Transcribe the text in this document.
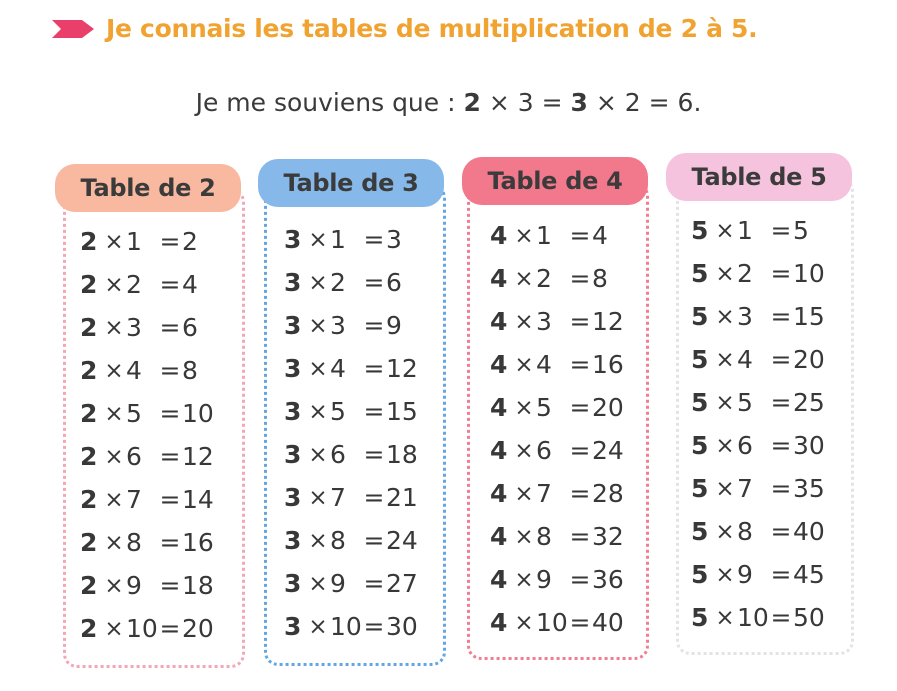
Je connais les tables de multiplication de 2 à 5.
Je me souviens que : 2 × 3 = 3 × 2 = 6.
Table de 2
2 × 1 = 2
2 × 2 = 4
2 × 3 = 6
2 × 4 = 8
2 × 5 = 10
2 × 6 = 12
2 × 7 = 14
2 × 8 = 16
2 × 9 = 18
2 × 10 = 20
Table de 3
3 × 1 = 3
3 × 2 = 6
3 × 3 = 9
3 × 4 = 12
3 × 5 = 15
3 × 6 = 18
3 × 7 = 21
3 × 8 = 24
3 × 9 = 27
3 × 10 = 30
Table de 4
4 × 1 = 4
4 × 2 = 8
4 × 3 = 12
4 × 4 = 16
4 × 5 = 20
4 × 6 = 24
4 × 7 = 28
4 × 8 = 32
4 × 9 = 36
4 × 10 = 40
Table de 5
5 × 1 = 5
5 × 2 = 10
5 × 3 = 15
5 × 4 = 20
5 × 5 = 25
5 × 6 = 30
5 × 7 = 35
5 × 8 = 40
5 × 9 = 45
5 × 10 = 50
